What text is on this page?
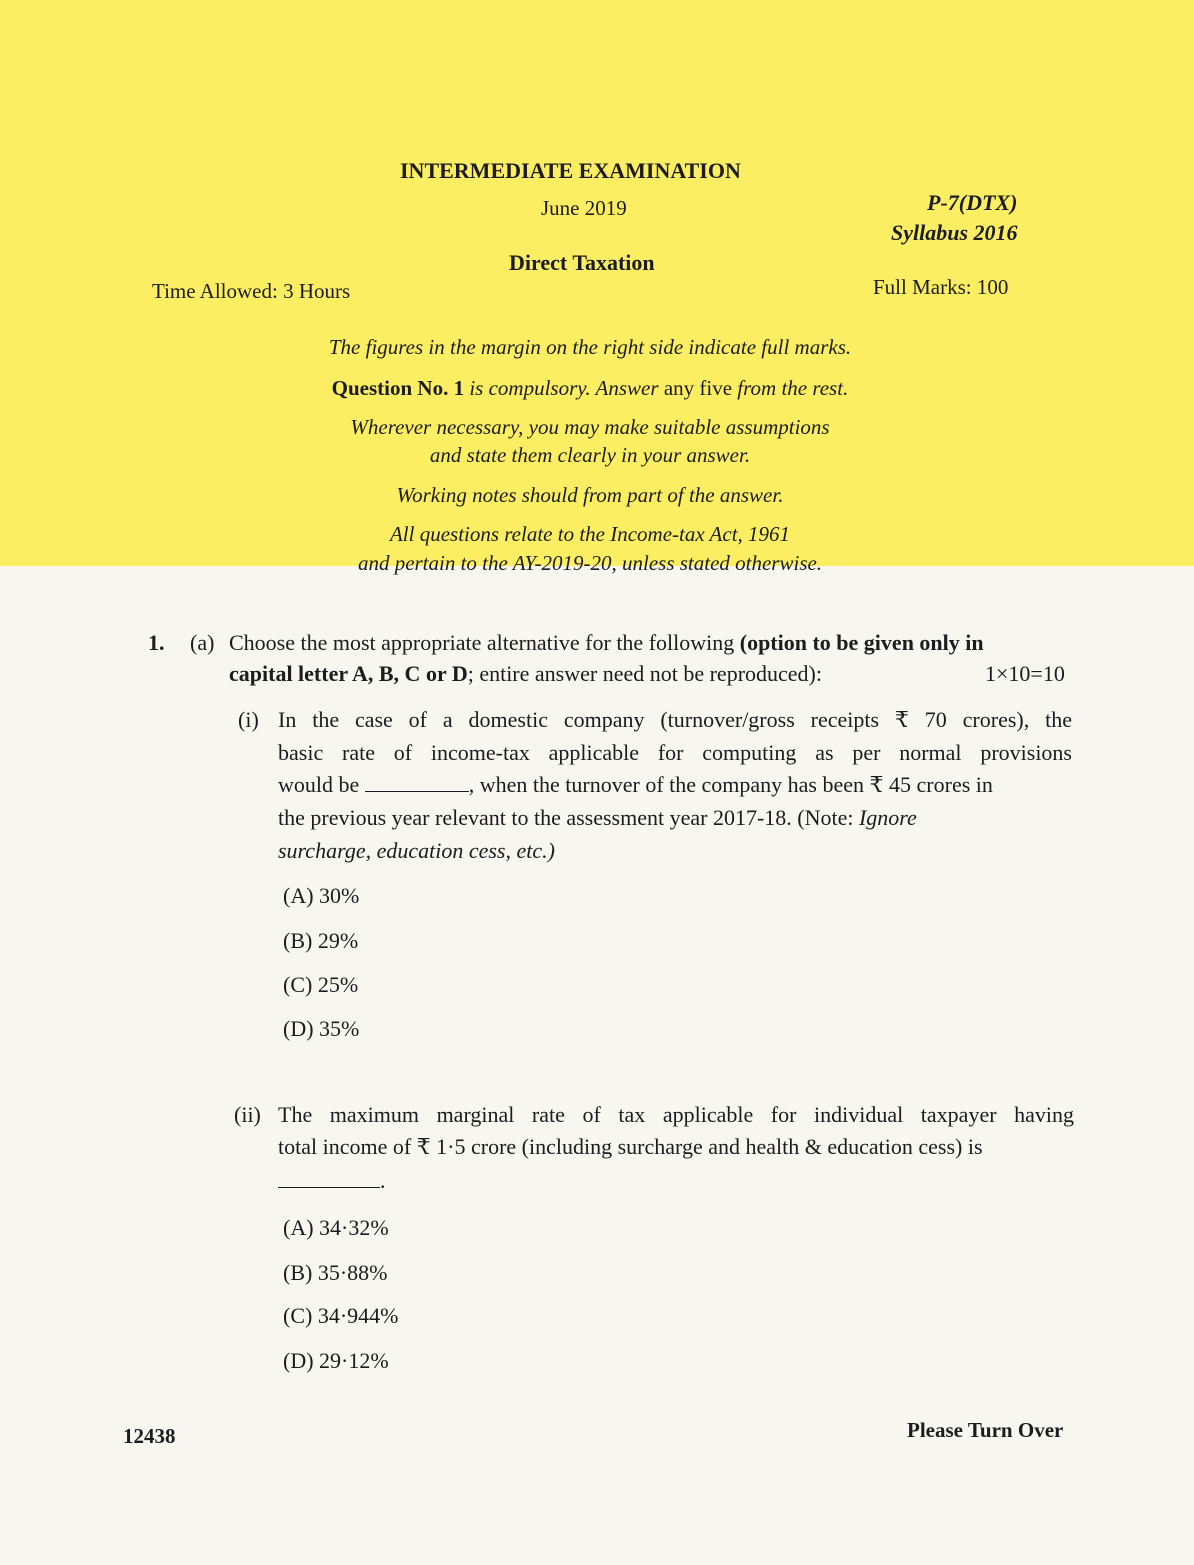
INTERMEDIATE EXAMINATION
June 2019	P-7(DTX)
Syllabus 2016
Direct Taxation
Time Allowed: 3 Hours	Full Marks: 100
The figures in the margin on the right side indicate full marks.
Question No. 1 is compulsory. Answer any five from the rest.
Wherever necessary, you may make suitable assumptions
and state them clearly in your answer.
Working notes should from part of the answer.
All questions relate to the Income-tax Act, 1961
and pertain to the AY-2019-20, unless stated otherwise.
1. (a) Choose the most appropriate alternative for the following (option to be given only in
capital letter A, B, C or D; entire answer need not be reproduced):	1×10=10
(i) In the case of a domestic company (turnover/gross receipts ₹ 70 crores), the
basic rate of income-tax applicable for computing as per normal provisions
would be	, when the turnover of the company has been ₹ 45 crores in
the previous year relevant to the assessment year 2017-18. (Note: Ignore
surcharge, education cess, etc.)
(A) 30%
(B) 29%
(C) 25%
(D) 35%
(ii) The maximum marginal rate of tax applicable for individual taxpayer having
total income of ₹ 1·5 crore (including surcharge and health & education cess) is
.
(A) 34·32%
(B) 35·88%
(C) 34·944%
(D) 29·12%
12438	Please Turn Over
